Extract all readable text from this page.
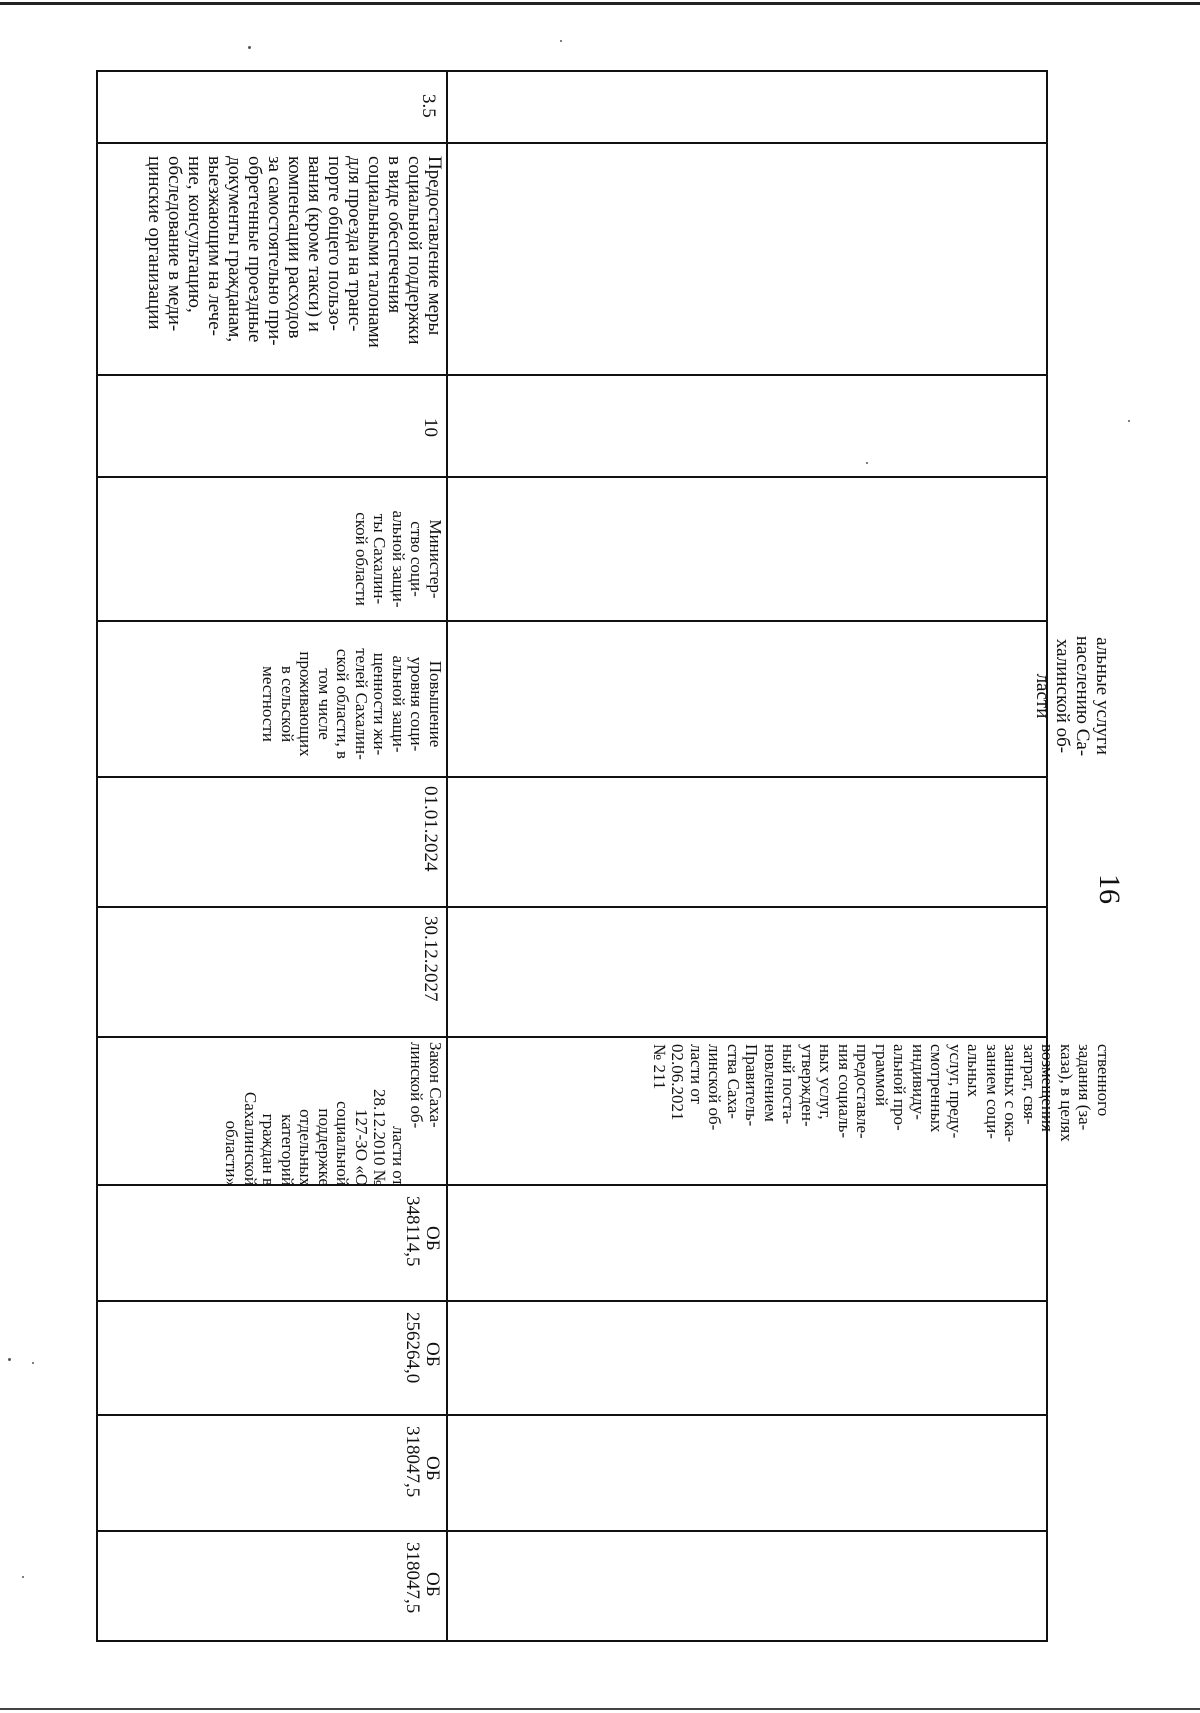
16
альные услуги
населению Са-
халинской об-
ласти
ственного
задания (за-
каза), в целях
возмещения
затрат, свя-
занных с ока-
занием соци-
альных
услуг, преду-
смотренных
индивиду-
альной про-
граммой
предоставле-
ния социаль-
ных услуг,
утвержден-
ный поста-
новлением
Правитель-
ства Саха-
линской об-
ласти от
02.06.2021
№ 211
3.5
Предоставление меры
социальной поддержки
в виде обеспечения
социальными талонами
для проезда на транс-
порте общего пользо-
вания (кроме такси) и
компенсации расходов
за самостоятельно при-
обретенные проездные
документы гражданам,
выезжающим на лече-
ние, консультацию,
обследование в меди-
цинские организации
10
Министер-
ство соци-
альной защи-
ты Сахалин-
ской области
Повышение
уровня соци-
альной защи-
щенности жи-
телей Сахалин-
ской области, в
том числе
проживающих
в сельской
местности
01.01.2024
30.12.2027
Закон Саха-
линской об-
ласти от
28.12.2010 №
127-ЗО «О
социальной
поддержке
отдельных
категорий
граждан в
Сахалинской
области»
ОБ
348114,5
ОБ
256264,0
ОБ
318047,5
ОБ
318047,5
